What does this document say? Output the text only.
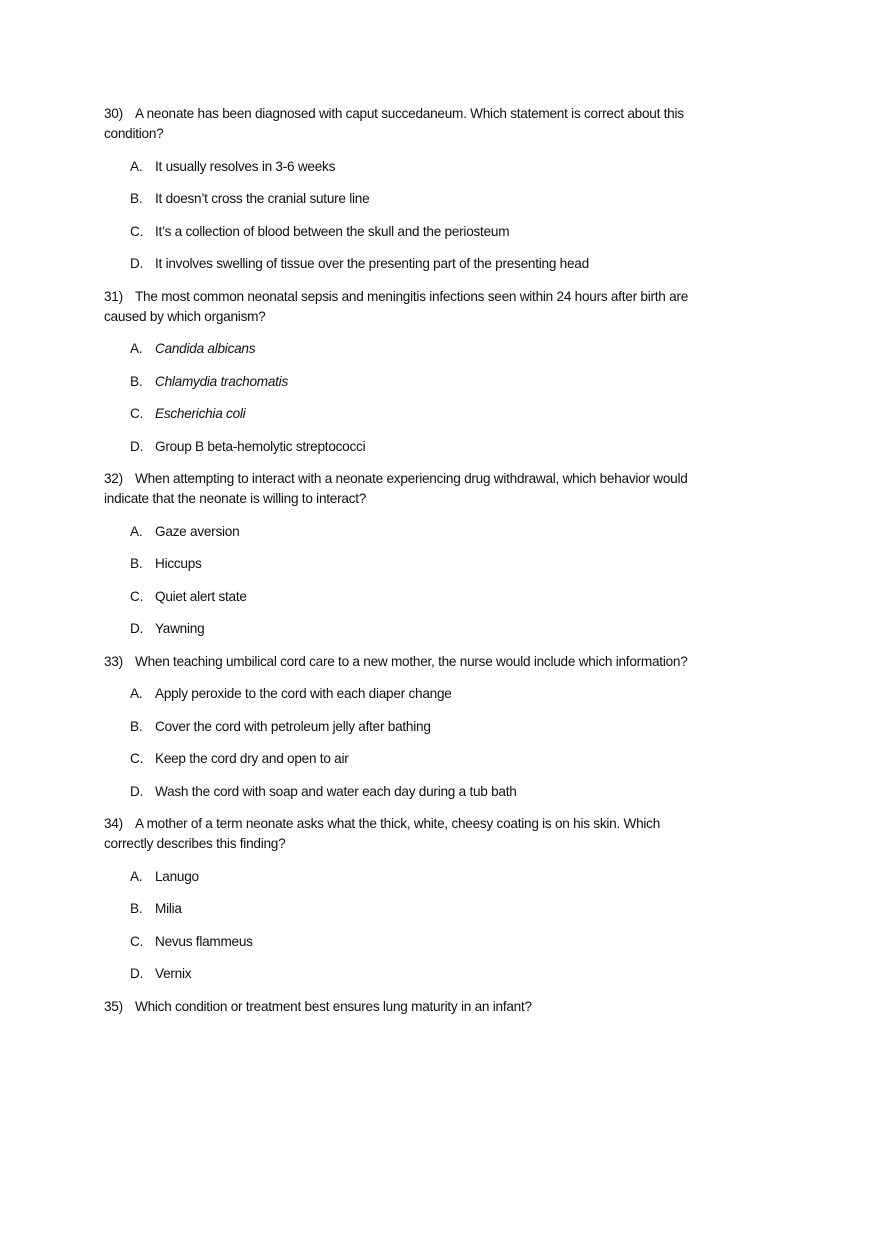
30) A neonate has been diagnosed with caput succedaneum. Which statement is correct about this
condition?
A. It usually resolves in 3-6 weeks
B. It doesn’t cross the cranial suture line
C. It’s a collection of blood between the skull and the periosteum
D. It involves swelling of tissue over the presenting part of the presenting head
31) The most common neonatal sepsis and meningitis infections seen within 24 hours after birth are
caused by which organism?
A. Candida albicans
B. Chlamydia trachomatis
C. Escherichia coli
D. Group B beta-hemolytic streptococci
32) When attempting to interact with a neonate experiencing drug withdrawal, which behavior would
indicate that the neonate is willing to interact?
A. Gaze aversion
B. Hiccups
C. Quiet alert state
D. Yawning
33) When teaching umbilical cord care to a new mother, the nurse would include which information?
A. Apply peroxide to the cord with each diaper change
B. Cover the cord with petroleum jelly after bathing
C. Keep the cord dry and open to air
D. Wash the cord with soap and water each day during a tub bath
34) A mother of a term neonate asks what the thick, white, cheesy coating is on his skin. Which
correctly describes this finding?
A. Lanugo
B. Milia
C. Nevus flammeus
D. Vernix
35) Which condition or treatment best ensures lung maturity in an infant?
